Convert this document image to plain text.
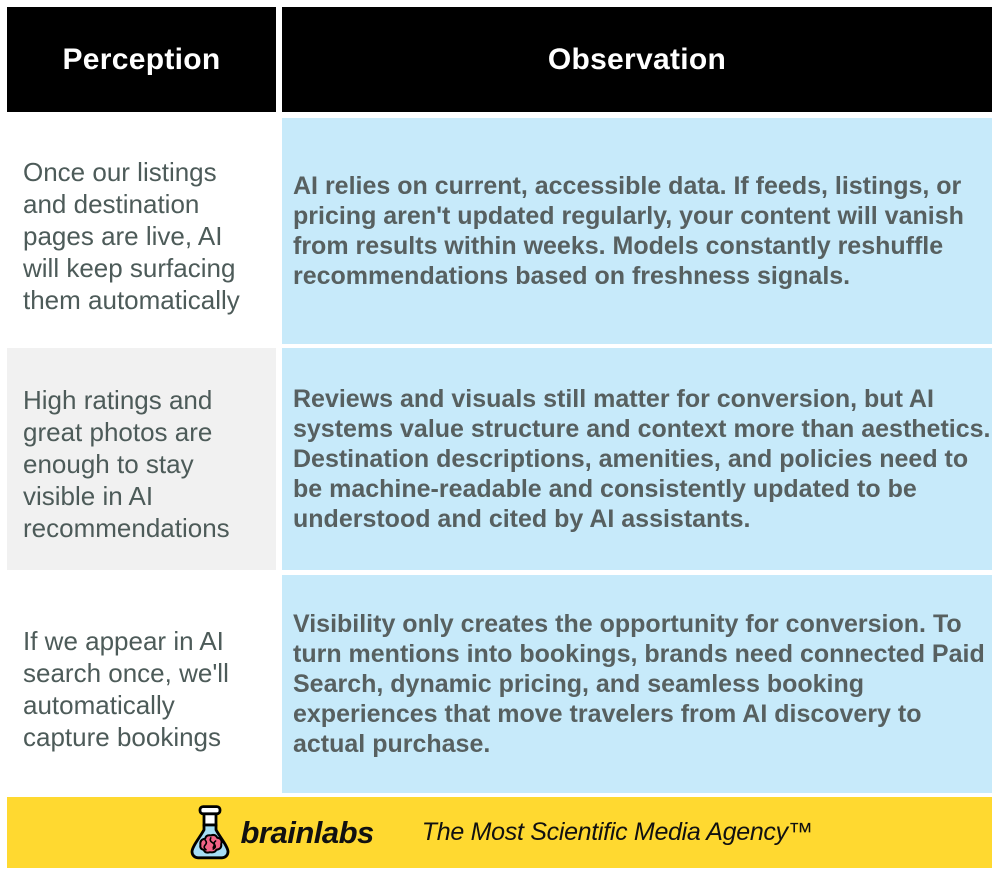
Perception	Observation
Once our listings and destination pages are live, AI will keep surfacing them automatically
AI relies on current, accessible data. If feeds, listings, or pricing aren't updated regularly, your content will vanish from results within weeks. Models constantly reshuffle recommendations based on freshness signals.
High ratings and great photos are enough to stay visible in AI recommendations
Reviews and visuals still matter for conversion, but AI systems value structure and context more than aesthetics. Destination descriptions, amenities, and policies need to be machine-readable and consistently updated to be understood and cited by AI assistants.
If we appear in AI search once, we'll automatically capture bookings
Visibility only creates the opportunity for conversion. To turn mentions into bookings, brands need connected Paid Search, dynamic pricing, and seamless booking experiences that move travelers from AI discovery to actual purchase.
brainlabs The Most Scientific Media Agency™
